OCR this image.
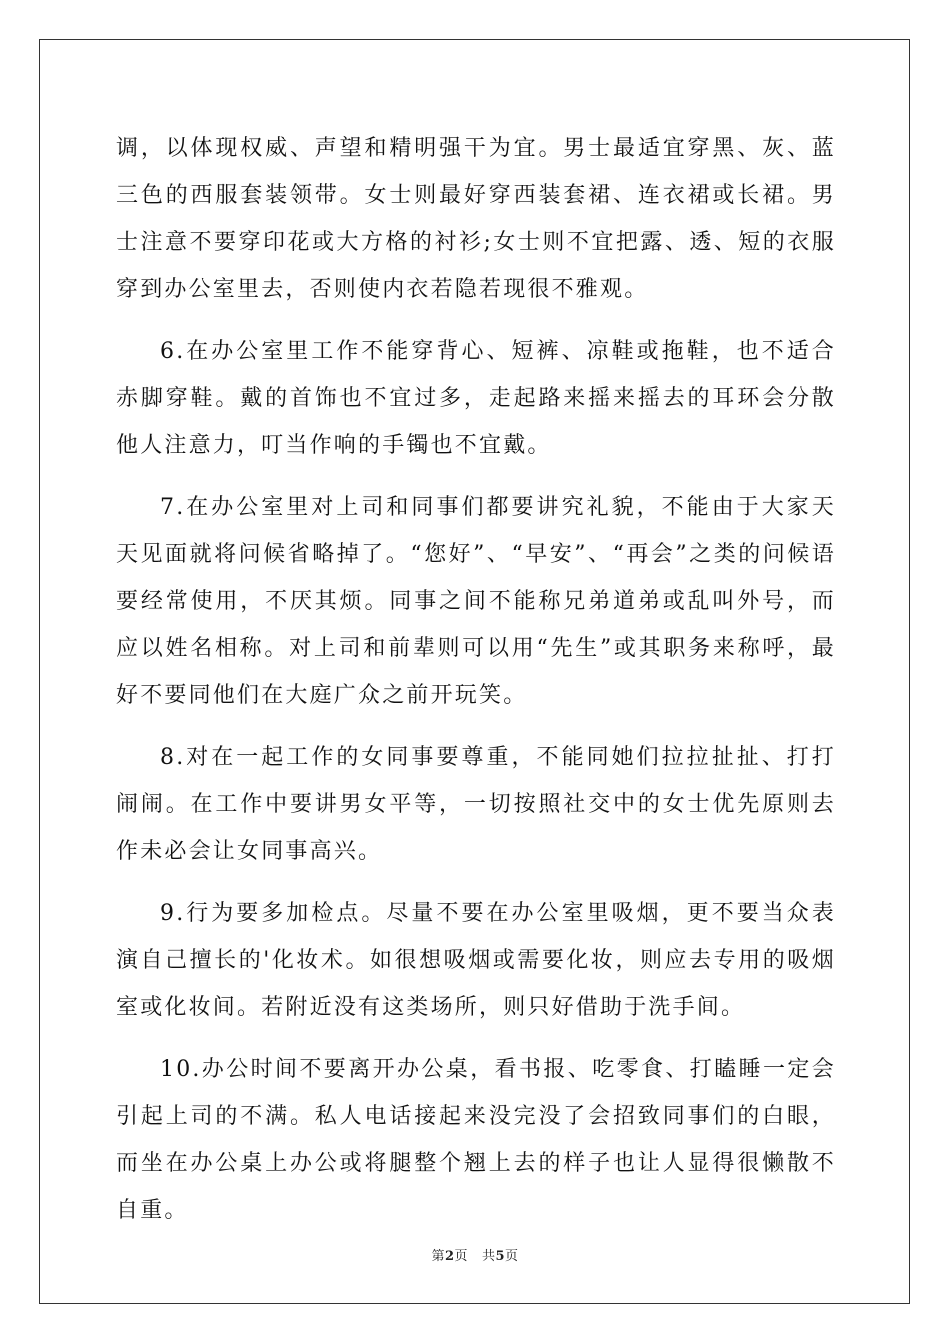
调，以体现权威、声望和精明强干为宜。男士最适宜穿黑、灰、蓝三色的西服套装领带。女士则最好穿西装套裙、连衣裙或长裙。男士注意不要穿印花或大方格的衬衫;女士则不宜把露、透、短的衣服穿到办公室里去，否则使内衣若隐若现很不雅观。

6.在办公室里工作不能穿背心、短裤、凉鞋或拖鞋，也不适合赤脚穿鞋。戴的首饰也不宜过多，走起路来摇来摇去的耳环会分散他人注意力，叮当作响的手镯也不宜戴。

7.在办公室里对上司和同事们都要讲究礼貌，不能由于大家天天见面就将问候省略掉了。“您好”、“早安”、“再会”之类的问候语要经常使用，不厌其烦。同事之间不能称兄弟道弟或乱叫外号，而应以姓名相称。对上司和前辈则可以用“先生”或其职务来称呼，最好不要同他们在大庭广众之前开玩笑。

8.对在一起工作的女同事要尊重，不能同她们拉拉扯扯、打打闹闹。在工作中要讲男女平等，一切按照社交中的女士优先原则去作未必会让女同事高兴。

9.行为要多加检点。尽量不要在办公室里吸烟，更不要当众表演自己擅长的'化妆术。如很想吸烟或需要化妆，则应去专用的吸烟室或化妆间。若附近没有这类场所，则只好借助于洗手间。

10.办公时间不要离开办公桌，看书报、吃零食、打瞌睡一定会引起上司的不满。私人电话接起来没完没了会招致同事们的白眼，而坐在办公桌上办公或将腿整个翘上去的样子也让人显得很懒散不自重。

第2页 共5页
